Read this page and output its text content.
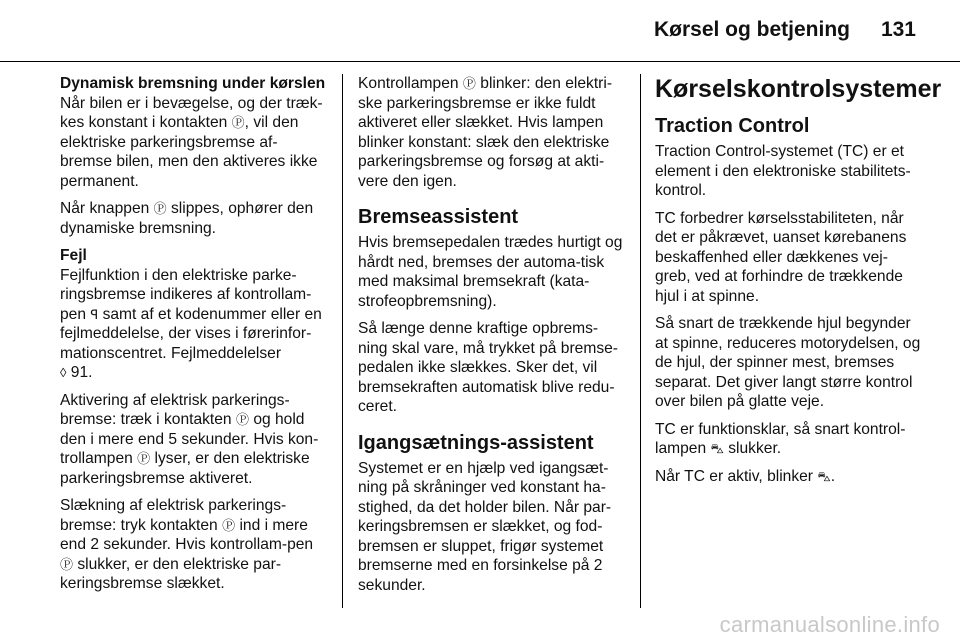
Kørsel og betjening 131
Dynamisk bremsning under kørslen

Når bilen er i bevægelse, og der træk-kes konstant i kontakten Ⓟ, vil den elektriske parkeringsbremse af-bremse bilen, men den aktiveres ikke permanent.

Når knappen Ⓟ slippes, ophører den dynamiske bremsning.

Fejl

Fejlfunktion i den elektriske parke-ringsbremse indikeres af kontrollam-pen ꟼ samt af et kodenummer eller en fejlmeddelelse, der vises i førerinfor-mationscentret. Fejlmeddelelser
◊ 91.

Aktivering af elektrisk parkerings-bremse: træk i kontakten Ⓟ og hold den i mere end 5 sekunder. Hvis kon-trollampen Ⓟ lyser, er den elektriske parkeringsbremse aktiveret.

Slækning af elektrisk parkerings-bremse: tryk kontakten Ⓟ ind i mere end 2 sekunder. Hvis kontrollam-pen Ⓟ slukker, er den elektriske par-keringsbremse slækket.

Kontrollampen Ⓟ blinker: den elektri-ske parkeringsbremse er ikke fuldt aktiveret eller slækket. Hvis lampen blinker konstant: slæk den elektriske parkeringsbremse og forsøg at akti-vere den igen.

Bremseassistent

Hvis bremsepedalen trædes hurtigt og hårdt ned, bremses der automa-tisk med maksimal bremsekraft (kata-strofeopbremsning).

Så længe denne kraftige opbrems-ning skal vare, må trykket på bremse-pedalen ikke slækkes. Sker det, vil bremsekraften automatisk blive redu-ceret.

Igangsætnings-assistent

Systemet er en hjælp ved igangsæt-ning på skråninger ved konstant ha-stighed, da det holder bilen. Når par-keringsbremsen er slækket, og fod-bremsen er sluppet, frigør systemet bremserne med en forsinkelse på 2 sekunder.

Kørselskontrolsystemer
Traction Control

Traction Control-systemet (TC) er et element i den elektroniske stabilitets-kontrol.

TC forbedrer kørselsstabiliteten, når det er påkrævet, uanset kørebanens beskaffenhed eller dækkenes vej-greb, ved at forhindre de trækkende hjul i at spinne.

Så snart de trækkende hjul begynder at spinne, reduceres motorydelsen, og de hjul, der spinner mest, bremses separat. Det giver langt større kontrol over bilen på glatte veje.

TC er funktionsklar, så snart kontrol-lampen ⛍ slukker.

Når TC er aktiv, blinker ⛍.

carmanualsonline.info
